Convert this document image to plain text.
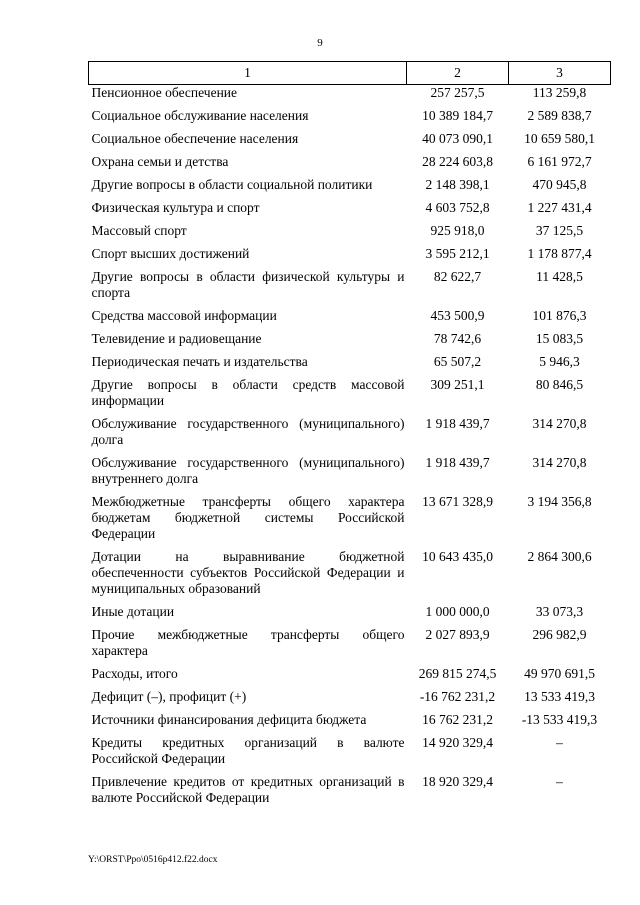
9
1	2	3
Пенсионное обеспечение	257 257,5	113 259,8
Социальное обслуживание населения	10 389 184,7	2 589 838,7
Социальное обеспечение населения	40 073 090,1	10 659 580,1
Охрана семьи и детства	28 224 603,8	6 161 972,7
Другие вопросы в области социальной политики	2 148 398,1	470 945,8
Физическая культура и спорт	4 603 752,8	1 227 431,4
Массовый спорт	925 918,0	37 125,5
Спорт высших достижений	3 595 212,1	1 178 877,4
Другие вопросы в области физической культуры и спорта	82 622,7	11 428,5
Средства массовой информации	453 500,9	101 876,3
Телевидение и радиовещание	78 742,6	15 083,5
Периодическая печать и издательства	65 507,2	5 946,3
Другие вопросы в области средств массовой информации	309 251,1	80 846,5
Обслуживание государственного (муниципального) долга	1 918 439,7	314 270,8
Обслуживание государственного (муниципального) внутреннего долга	1 918 439,7	314 270,8
Межбюджетные трансферты общего характера бюджетам бюджетной системы Российской Федерации	13 671 328,9	3 194 356,8
Дотации на выравнивание бюджетной обеспеченности субъектов Российской Федерации и муниципальных образований	10 643 435,0	2 864 300,6
Иные дотации	1 000 000,0	33 073,3
Прочие межбюджетные трансферты общего характера	2 027 893,9	296 982,9
Расходы, итого	269 815 274,5	49 970 691,5
Дефицит (–), профицит (+)	-16 762 231,2	13 533 419,3
Источники финансирования дефицита бюджета	16 762 231,2	-13 533 419,3
Кредиты кредитных организаций в валюте Российской Федерации	14 920 329,4	–
Привлечение кредитов от кредитных организаций в валюте Российской Федерации	18 920 329,4	–
Y:\ORST\Ppo\0516p412.f22.docx
